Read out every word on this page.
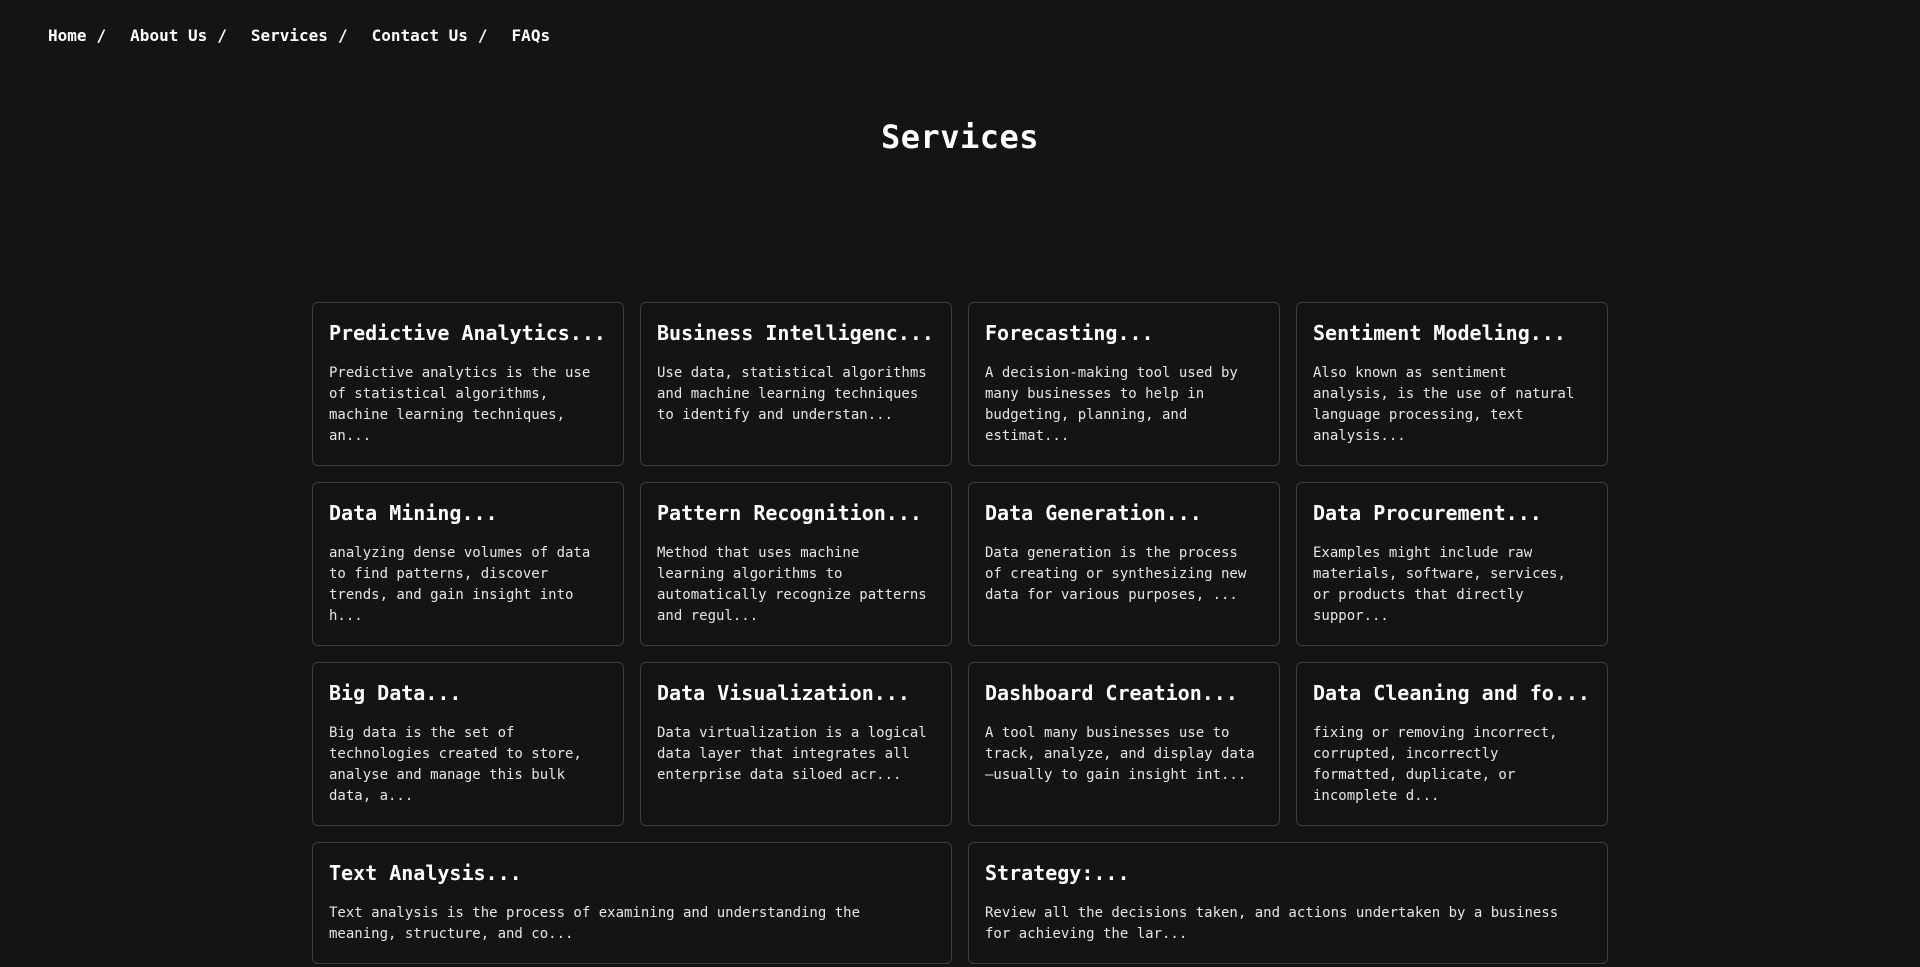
Home / About Us / Services / Contact Us / FAQs
Services
Predictive Analytics...

Predictive analytics is the use of statistical algorithms, machine learning techniques, an...

Business Intelligenc...

Use data, statistical algorithms and machine learning techniques to identify and understan...

Forecasting...

A decision-making tool used by many businesses to help in budgeting, planning, and estimat...

Sentiment Modeling...

Also known as sentiment analysis, is the use of natural language processing, text analysis...

Data Mining...

analyzing dense volumes of data to find patterns, discover trends, and gain insight into h...

Pattern Recognition...

Method that uses machine learning algorithms to automatically recognize patterns and regul...

Data Generation...

Data generation is the process of creating or synthesizing new data for various purposes, ...

Data Procurement...

Examples might include raw materials, software, services, or products that directly suppor...

Big Data...

Big data is the set of technologies created to store, analyse and manage this bulk data, a...

Data Visualization...

Data virtualization is a logical data layer that integrates all enterprise data siloed acr...

Dashboard Creation...

A tool many businesses use to track, analyze, and display data—usually to gain insight int...

Data Cleaning and fo...

fixing or removing incorrect, corrupted, incorrectly formatted, duplicate, or incomplete d...

Text Analysis...

Text analysis is the process of examining and understanding the meaning, structure, and co...

Strategy:...

Review all the decisions taken, and actions undertaken by a business for achieving the lar...
